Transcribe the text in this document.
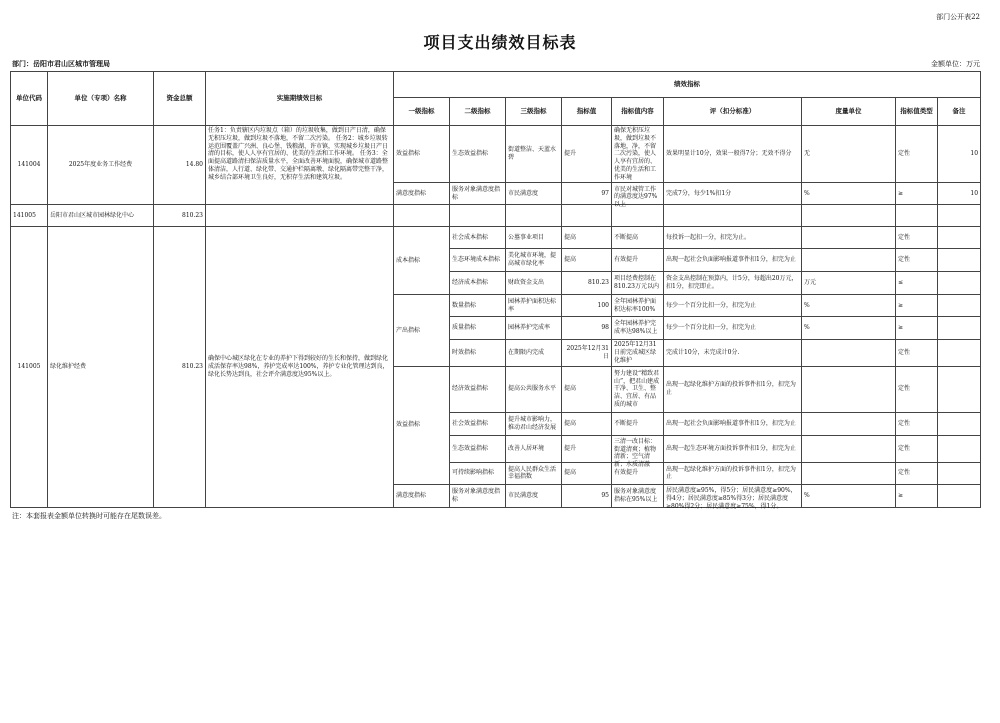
部门公开表22
项目支出绩效目标表
部门：岳阳市君山区城市管理局	金额单位：万元
单位代码	单位（专项）名称	资金总额	实施期绩效目标	绩效指标								
				一级指标	二级指标	三级指标	指标值	指标值内容	评（扣分标准）	度量单位	指标值类型	备注
141004	2025年度业务工作经费	14.80	任务1：负责辖区内垃圾点（箱）的垃圾收集，做到日产日清，确保无积压垃圾，做到垃圾不落地，不留二次污染。 任务2：城乡垃圾转运范围覆盖广兴洲、良心堡、钱粮湖、许市镇，实现城乡垃圾日产日清的目标，使人人享有宜居的、优美的生活和工作环境。 任务3：全面提高道路清扫保洁质量水平，全面改善环境面貌，确保城市道路整体清洁，人行道、绿化带、交通护栏隔离墩、绿化隔离带完整干净，城乡结合部环境卫生良好，无积存生活和建筑垃圾。	效益指标	生态效益指标	街道整洁、天蓝水碧	提升	确保无积压垃圾，做到垃圾不落地，净，不留二次污染，使人人享有宜居的、优美的生活和工作环境	效果明显计10分，效果一般得7分；无效不得分	无	定性	10
				满意度指标	服务对象满意度指标	市民满意度	97	市民对城管工作的满意度达97%以上	完成7分，每少1%扣1分	%	≥	10
141005	岳阳市君山区城市园林绿化中心	810.23										
141005	绿化维护经费	810.23	确保中心城区绿化在专业的养护下得到较好的生长和保持，做到绿化成活保存率达98%，养护完成率达100%，养护专业化管理达到良，绿化长势达到良，社会评介满意度达95%以上。	成本指标	社会成本指标	公墓事业项目	提高	不断提高	每投诉一起扣一分，扣完为止。		定性	
					生态环境成本指标	美化城市环境，提高城市绿化率	提高	有效提升	出现一起社会负面影响报道事件扣1分，扣完为止		定性	
					经济成本指标	财政资金支出	810.23	项目经费控制在810.23万元以内	资金支出控制在预算内，计5分，每超出20万元，扣1分，扣完即止。	万元	≤	
				产出指标	数量指标	园林养护面积达标率	100	全年园林养护面积达标率100%	每少一个百分比扣一分，扣完为止	%	≥	
					质量指标	园林养护完成率	98	全年园林养护完成率达98%以上	每少一个百分比扣一分，扣完为止	%	≥	
					时效指标	在期限内完成	2025年12月31日	2025年12月31日前完成城区绿化维护	完成计10分，未完成计0分.		定性	
				效益指标	经济效益指标	提高公共服务水平	提高	努力建设“精致君山”，把君山建成干净、卫生、整洁、宜居、有品质的城市	出现一起绿化维护方面的投诉事件扣1分，扣完为止		定性	
					社会效益指标	提升城市影响力，推动君山经济发展	提高	不断提升	出现一起社会负面影响报道事件扣1分，扣完为止		定性	
					生态效益指标	改善人居环境	提升	三清一改目标：街道清爽；植物清新；空气清新；水质清澈	出现一起生态环境方面投诉事件扣1分，扣完为止		定性	
					可持续影响指标	提高人民群众生活幸福指数	提高	有效提升	出现一起绿化维护方面的投诉事件扣1分，扣完为止		定性	
				满意度指标	服务对象满意度指标	市民满意度	95	服务对象满意度指标在95%以上	居民满意度≥95%，得5分；居民满意度≥90%，得4分；居民满意度≥85%得3分；居民满意度≥80%得2分；居民满意度≥75%，得1分。	%	≥	
注：本套报表金额单位转换时可能存在尾数误差。
